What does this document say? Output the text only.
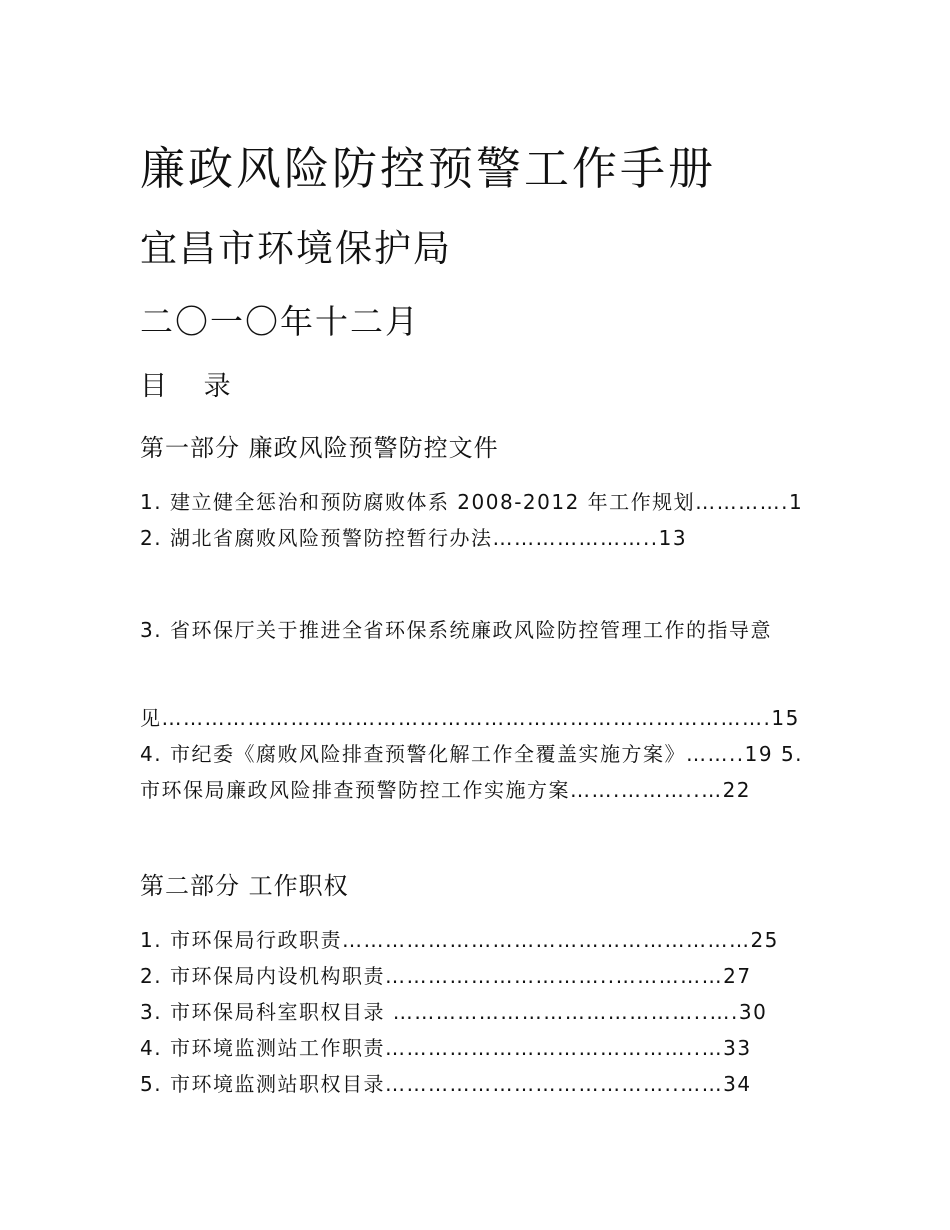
廉政风险防控预警工作手册
宜昌市环境保护局
二〇一〇年十二月
目 录
第一部分 廉政风险预警防控文件
1. 建立健全惩治和预防腐败体系 2008-2012 年工作规划………….1 2. 湖北省腐败风险预警防控暂行办法…………………..13
3. 省环保厅关于推进全省环保系统廉政风险防控管理工作的指导意
见………………………………………………………………………….15 4. 市纪委《腐败风险排查预警化解工作全覆盖实施方案》……..19 5. 市环保局廉政风险排查预警防控工作实施方案…….………..…22
第二部分 工作职权
1. 市环保局行政职责…………………………………………………25
2. 市环保局内设机构职责…………………………..……………27
3. 市环保局科室职权目录 ……………………………………..….30
4. 市环境监测站工作职责……………………………………..…33
5. 市环境监测站职权目录…………………………………..……34
